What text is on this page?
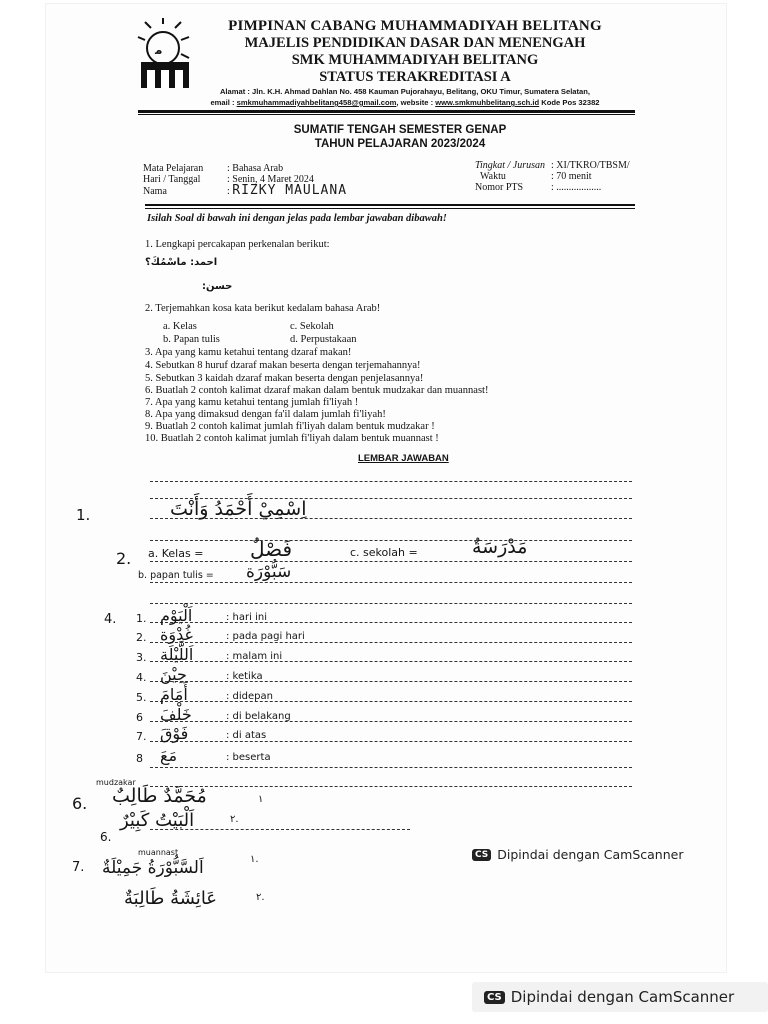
ﻣ
PIMPINAN CABANG MUHAMMADIYAH BELITANG
MAJELIS PENDIDIKAN DASAR DAN MENENGAH
SMK MUHAMMADIYAH BELITANG
STATUS TERAKREDITASI A
Alamat : Jln. K.H. Ahmad Dahlan No. 458 Kauman Pujorahayu, Belitang, OKU Timur, Sumatera Selatan,
email : smkmuhammadiyahbelitang458@gmail.com, website : www.smkmuhbelitang.sch.id Kode Pos 32382
SUMATIF TENGAH SEMESTER GENAP
TAHUN PELAJARAN 2023/2024
Mata Pelajaran : Bahasa Arab
Hari / Tanggal	: Senin, 4 Maret 2024
Nama	: RIZKY MAULANA
Tingkat / Jurusan : XI/TKRO/TBSM/
Waktu	: 70 menit
Nomor PTS	: ..................
Isilah Soal di bawah ini dengan jelas pada lembar jawaban dibawah!
1. Lengkapi percakapan perkenalan berikut:
احمد: ماسْمُكَ؟
حسن:
2. Terjemahkan kosa kata berikut kedalam bahasa Arab!
a. Kelas	c. Sekolah
b. Papan tulis	d. Perpustakaan
3. Apa yang kamu ketahui tentang dzaraf makan!
4. Sebutkan 8 huruf dzaraf makan beserta dengan terjemahannya!
5. Sebutkan 3 kaidah dzaraf makan beserta dengan penjelasannya!
6. Buatlah 2 contoh kalimat dzaraf makan dalam bentuk mudzakar dan muannast!
7. Apa yang kamu ketahui tentang jumlah fi'liyah !
8. Apa yang dimaksud dengan fa'il dalam jumlah fi'liyah!
9. Buatlah 2 contoh kalimat jumlah fi'liyah dalam bentuk mudzakar !
10. Buatlah 2 contoh kalimat jumlah fi'liyah dalam bentuk muannast !
LEMBAR JAWABAN
1.	اِسْمِيْ أَحْمَدُ وَأَنْتَ
2. a. Kelas = فَصْلٌ	c. sekolah =	مَدْرَسَةٌ
b. papan tulis = سَبُّوْرَة
4. 1. اَلْيَوْم	: hari ini
2. غُدْوَة	: pada pagi hari
3. اَللَّيْلَة	: malam ini
4. حِيْنَ	: ketika
5. أَمَامَ	: didepan
6 خَلْفَ	: di belakang
7. فَوْقَ	: di atas
8 مَعَ	: beserta
mudzakar
6. مُحَمَّدٌ طَالِبٌ	١
6.
اَلْبَيْتُ كَبِيْرٌ	٢.
muannast
7. اَلسَّبُّوْرَةُ جَمِيْلَةٌ	١.
عَائِشَةُ طَالِبَةٌ	٢.
CS Dipindai dengan CamScanner
CS Dipindai dengan CamScanner
